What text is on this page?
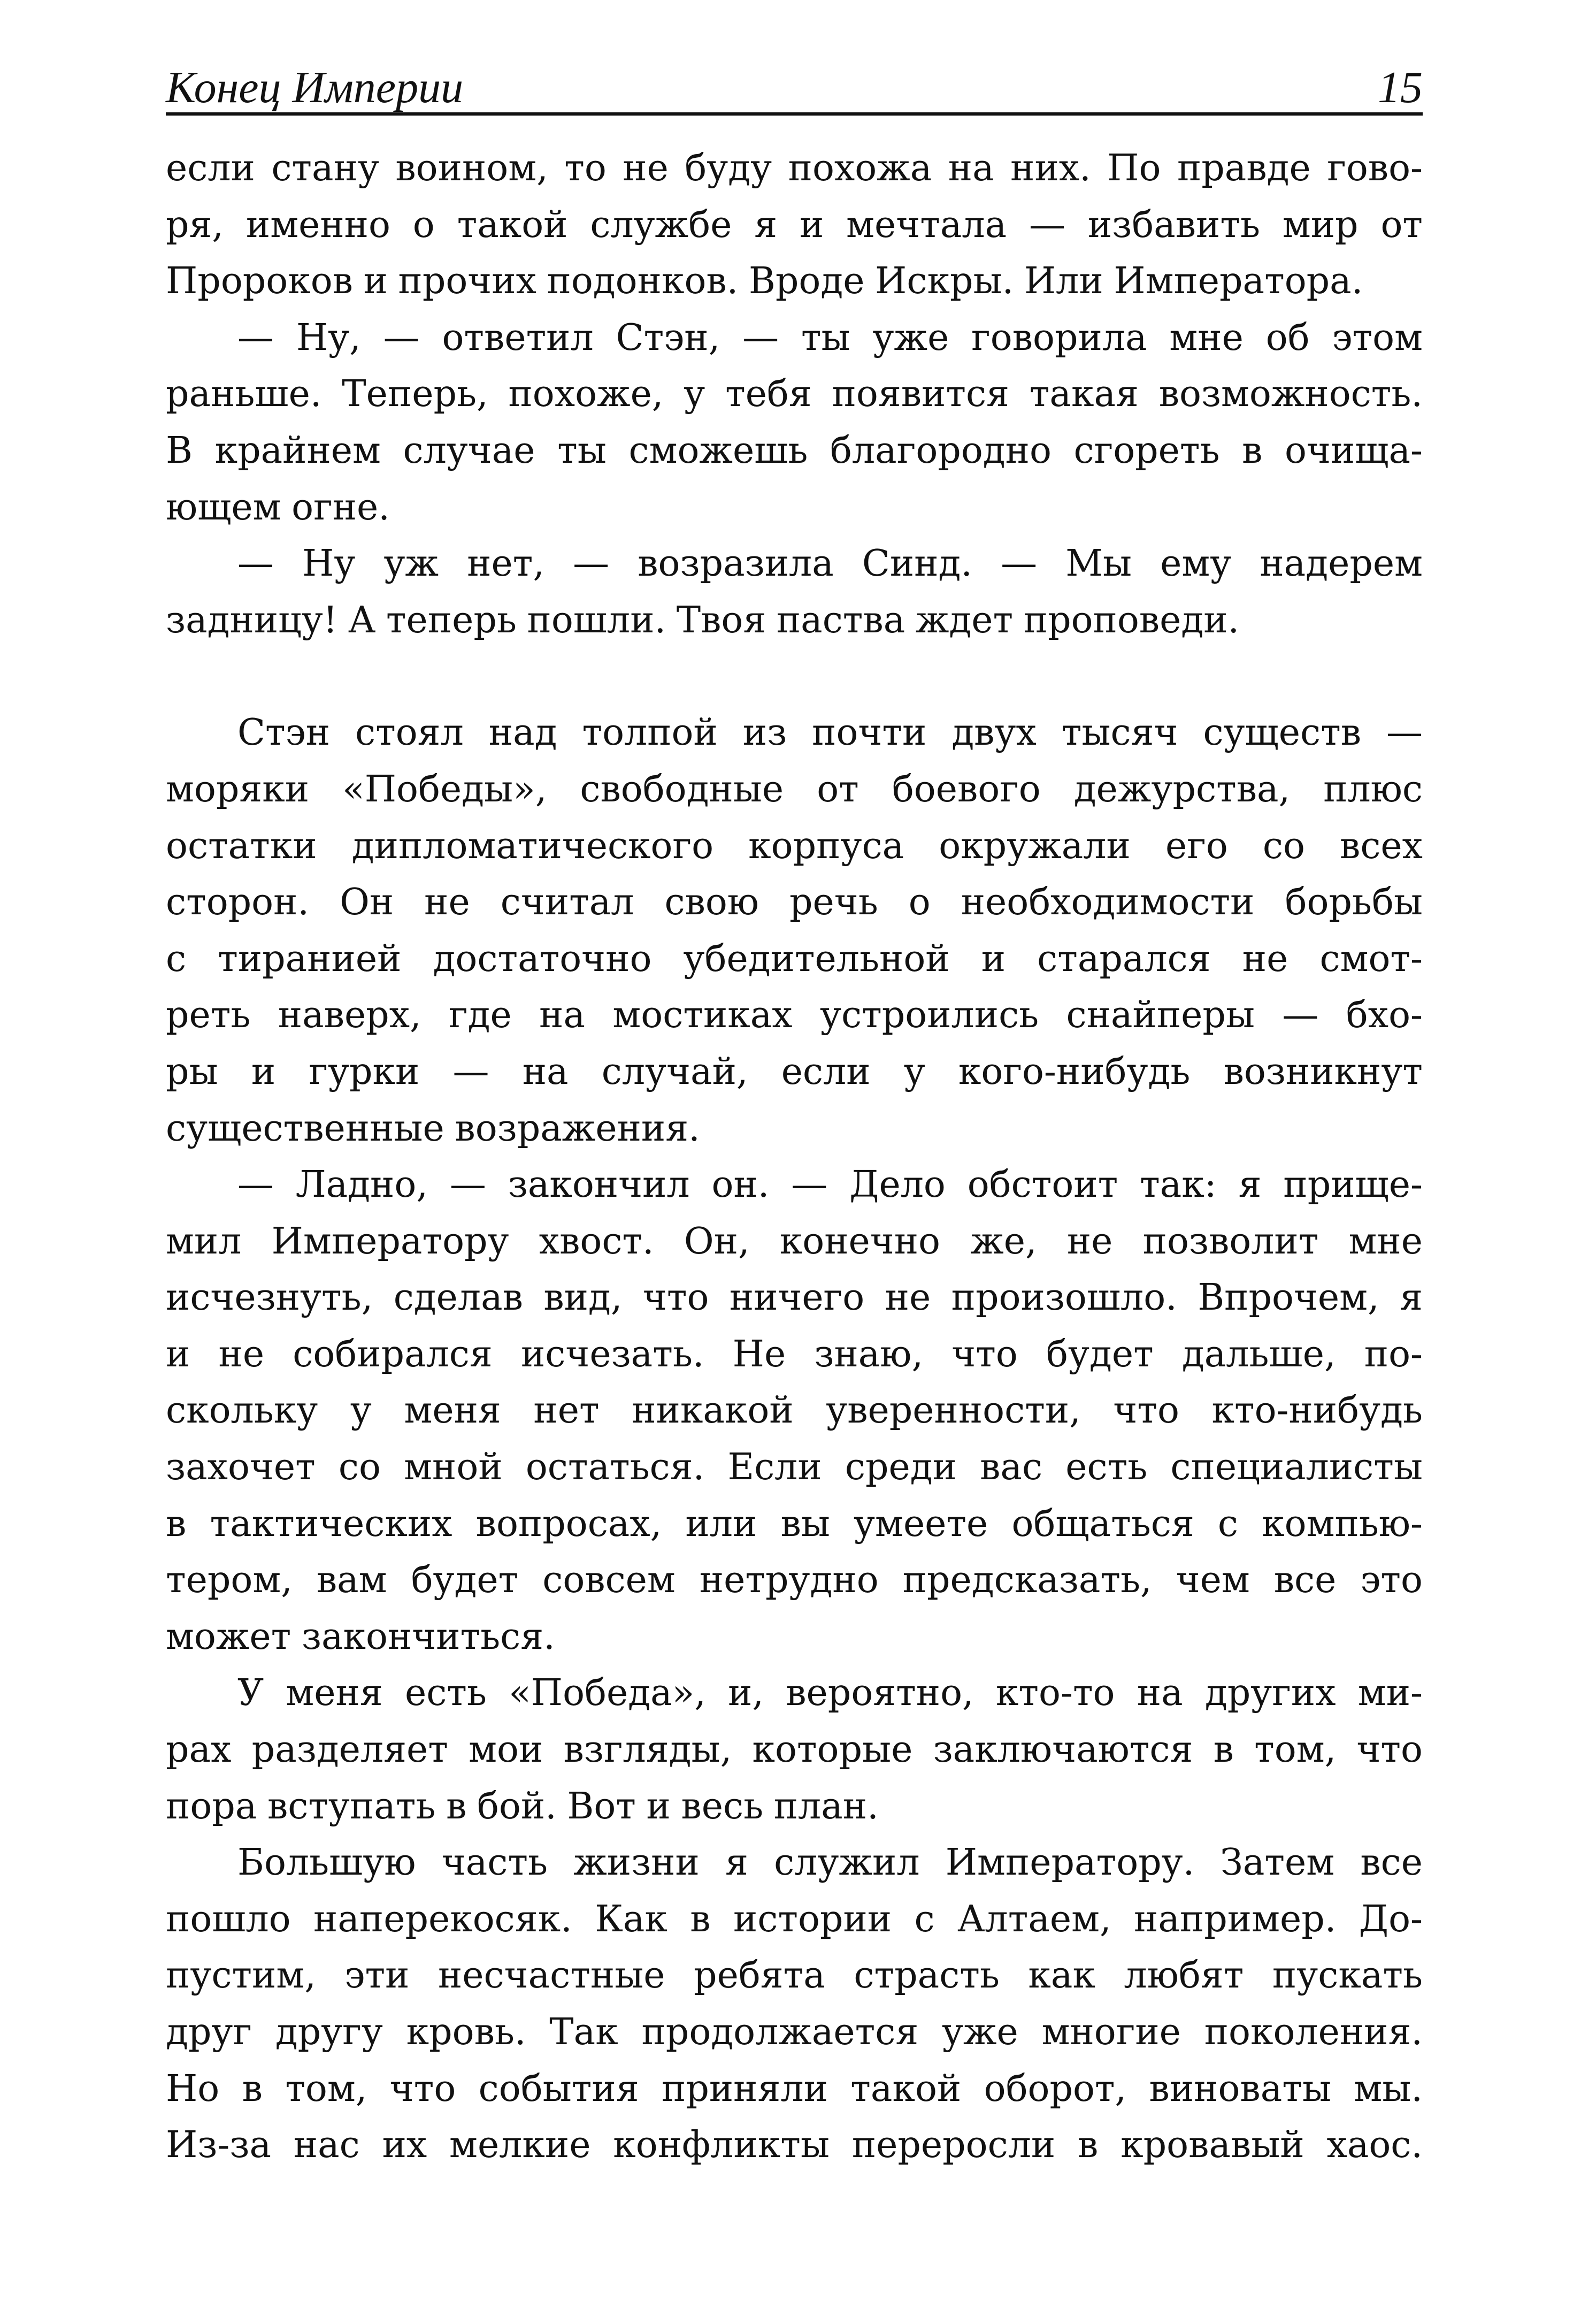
Конец Империи	15

если стану воином, то не буду похожа на них. По правде гово-

ря, именно о такой службе я и мечтала — избавить мир от

Пророков и прочих подонков. Вроде Искры. Или Императора.

— Ну, — ответил Стэн, — ты уже говорила мне об этом

раньше. Теперь, похоже, у тебя появится такая возможность.

В крайнем случае ты сможешь благородно сгореть в очища-

ющем огне.

— Ну уж нет, — возразила Синд. — Мы ему надерем

задницу! А теперь пошли. Твоя паства ждет проповеди.

Стэн стоял над толпой из почти двух тысяч существ —

моряки «Победы», свободные от боевого дежурства, плюс

остатки дипломатического корпуса окружали его со всех

сторон. Он не считал свою речь о необходимости борьбы

с тиранией достаточно убедительной и старался не смот-

реть наверх, где на мостиках устроились снайперы — бхо-

ры и гурки — на случай, если у кого-нибудь возникнут

существенные возражения.

— Ладно, — закончил он. — Дело обстоит так: я прище-

мил Императору хвост. Он, конечно же, не позволит мне

исчезнуть, сделав вид, что ничего не произошло. Впрочем, я

и не собирался исчезать. Не знаю, что будет дальше, по-

скольку у меня нет никакой уверенности, что кто-нибудь

захочет со мной остаться. Если среди вас есть специалисты

в тактических вопросах, или вы умеете общаться с компью-

тером, вам будет совсем нетрудно предсказать, чем все это

может закончиться.

У меня есть «Победа», и, вероятно, кто-то на других ми-

рах разделяет мои взгляды, которые заключаются в том, что

пора вступать в бой. Вот и весь план.

Большую часть жизни я служил Императору. Затем все

пошло наперекосяк. Как в истории с Алтаем, например. До-

пустим, эти несчастные ребята страсть как любят пускать

друг другу кровь. Так продолжается уже многие поколения.

Но в том, что события приняли такой оборот, виноваты мы.

Из-за нас их мелкие конфликты переросли в кровавый хаос.
